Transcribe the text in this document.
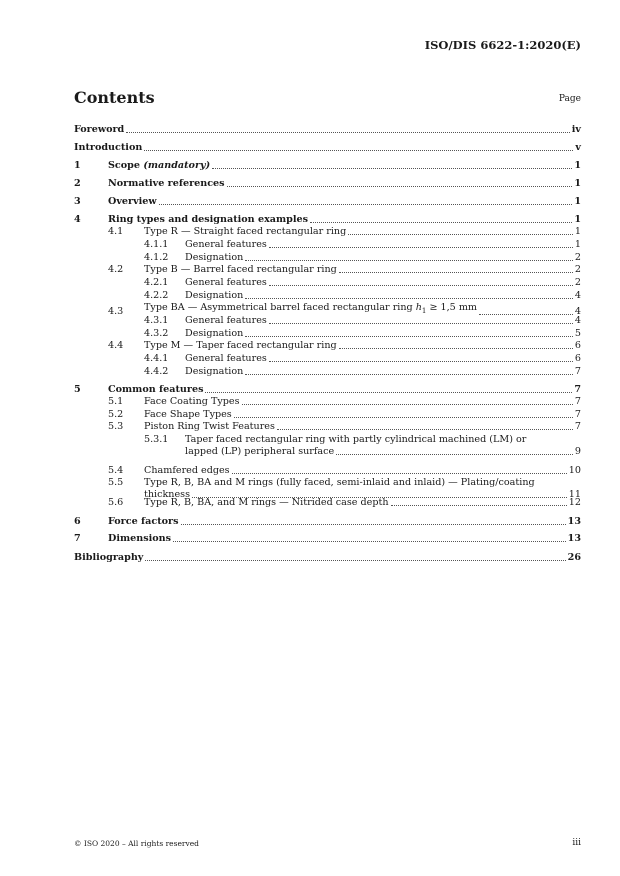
ISO/DIS 6622-1:2020(E)
Contents	Page
Foreword	iv
Introduction	v
1	Scope (mandatory)	1
2	Normative references	1
3	Overview	1
4	Ring types and designation examples	1
4.1 Type R — Straight faced rectangular ring	1
4.1.1 General features	1
4.1.2 Designation	2
4.2 Type B — Barrel faced rectangular ring	2
4.2.1 General features	2
4.2.2 Designation	4
4.3 Type BA — Asymmetrical barrel faced rectangular ring $h_1 \ge 1,5$ mm	4
4.3.1 General features	4
4.3.2 Designation	5
4.4 Type M — Taper faced rectangular ring	6
4.4.1 General features	6
4.4.2 Designation	7
5	Common features	7
5.1 Face Coating Types	7
5.2 Face Shape Types	7
5.3 Piston Ring Twist Features	7
5.3.1 Taper faced rectangular ring with partly cylindrical machined (LM) or
lapped (LP) peripheral surface	9
5.4 Chamfered edges	10
5.5 Type R, B, BA and M rings (fully faced, semi-inlaid and inlaid) — Plating/coating
thickness	11
5.6 Type R, B, BA, and M rings — Nitrided case depth	12
6	Force factors	13
7	Dimensions	13
Bibliography	26
© ISO 2020 – All rights reserved	iii
